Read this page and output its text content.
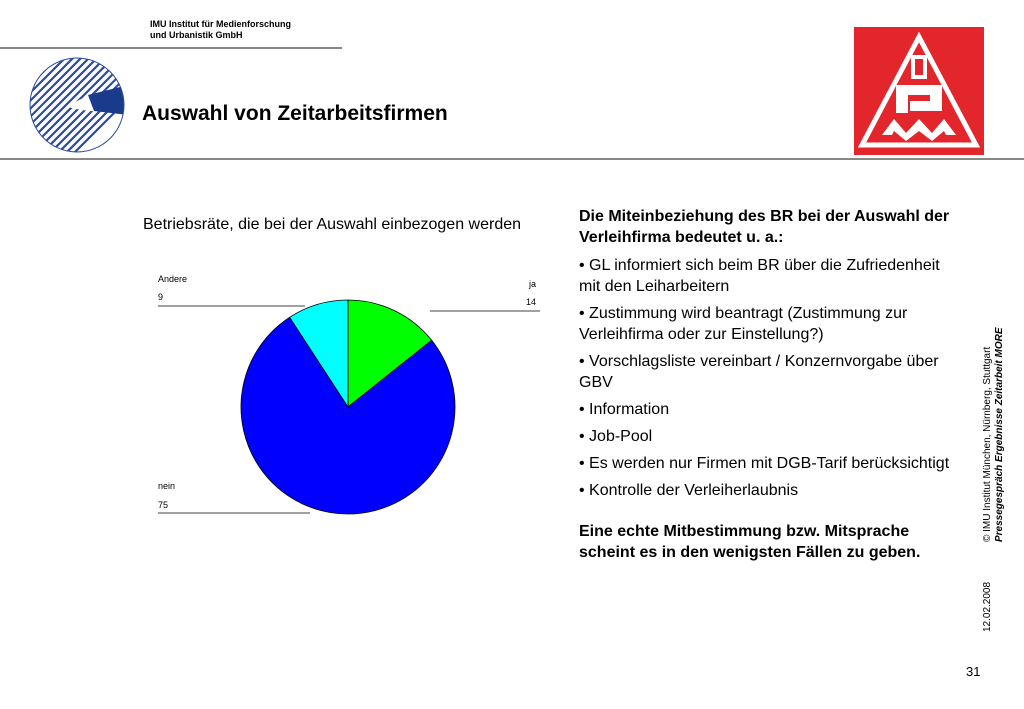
IMU Institut für Medienforschung
und Urbanistik GmbH
Auswahl von Zeitarbeitsfirmen
Betriebsräte, die bei der Auswahl einbezogen werden
ja
14
nein
75
Andere
9
Die Miteinbeziehung des BR bei der Auswahl der Verleihfirma bedeutet u. a.:
• GL informiert sich beim BR über die Zufriedenheit mit den Leiharbeitern
• Zustimmung wird beantragt (Zustimmung zur Verleihfirma oder zur Einstellung?)
• Vorschlagsliste vereinbart / Konzernvorgabe über GBV
• Information
• Job-Pool
• Es werden nur Firmen mit DGB-Tarif berücksichtigt
• Kontrolle der Verleiherlaubnis
Eine echte Mitbestimmung bzw. Mitsprache scheint es in den wenigsten Fällen zu geben.
© IMU Institut München, Nürnberg, Stuttgart Pressegespräch Ergebnisse Zeitarbeit MORE
12.02.2008
31
